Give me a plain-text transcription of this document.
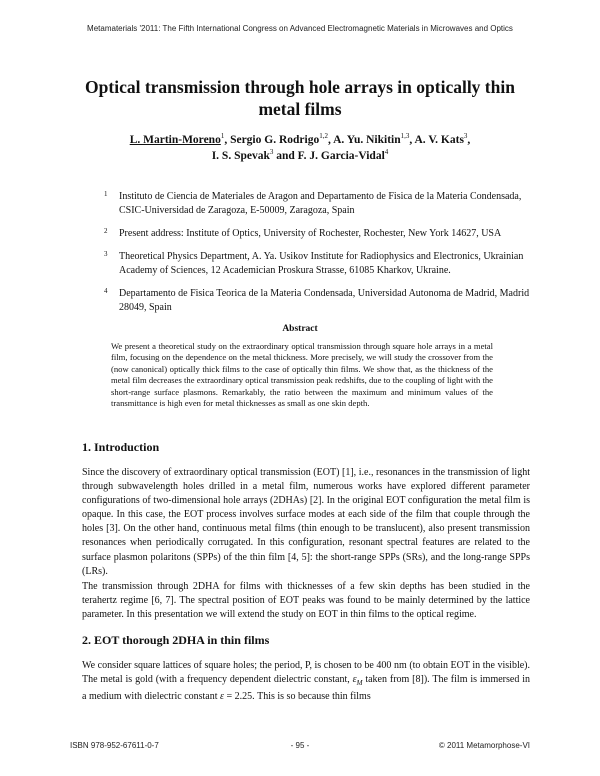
Metamaterials '2011: The Fifth International Congress on Advanced Electromagnetic Materials in Microwaves and Optics
Optical transmission through hole arrays in optically thin
metal films
L. Martin-Moreno$^1$, Sergio G. Rodrigo$^{1,2}$, A. Yu. Nikitin$^{1,3}$, A. V. Kats$^3$,
I. S. Spevak$^3$ and F. J. Garcia-Vidal$^4$
1 Instituto de Ciencia de Materiales de Aragon and Departamento de Fisica de la Materia Condensada, CSIC-Universidad de Zaragoza, E-50009, Zaragoza, Spain
2 Present address: Institute of Optics, University of Rochester, Rochester, New York 14627, USA
3 Theoretical Physics Department, A. Ya. Usikov Institute for Radiophysics and Electronics, Ukrainian Academy of Sciences, 12 Academician Proskura Strasse, 61085 Kharkov, Ukraine.
4 Departamento de Fisica Teorica de la Materia Condensada, Universidad Autonoma de Madrid, Madrid 28049, Spain
Abstract
We present a theoretical study on the extraordinary optical transmission through square hole arrays in a metal film, focusing on the dependence on the metal thickness. More precisely, we will study the crossover from the (now canonical) optically thick films to the case of optically thin films. We show that, as the thickness of the metal film decreases the extraordinary optical transmission peak redshifts, due to the coupling of light with the short-range surface plasmons. Remarkably, the ratio between the maximum and minimum values of the transmittance is high even for metal thicknesses as small as one skin depth.
1. Introduction

Since the discovery of extraordinary optical transmission (EOT) [1], i.e., resonances in the transmission of light through subwavelength holes drilled in a metal film, numerous works have explored different parameter configurations of two-dimensional hole arrays (2DHAs) [2]. In the original EOT configuration the metal film is opaque. In this case, the EOT process involves surface modes at each side of the film that couple through the holes [3]. On the other hand, continuous metal films (thin enough to be translucent), also present transmission resonances when periodically corrugated. In this configuration, resonant spectral features are related to the surface plasmon polaritons (SPPs) of the thin film [4, 5]: the short-range SPPs (SRs), and the long-range SPPs (LRs).

The transmission through 2DHA for films with thicknesses of a few skin depths has been studied in the terahertz regime [6, 7]. The spectral position of EOT peaks was found to be mainly determined by the lattice parameter. In this presentation we will extend the study on EOT in thin films to the optical regime.

2. EOT thorough 2DHA in thin films

We consider square lattices of square holes; the period, P, is chosen to be 400 nm (to obtain EOT in the visible). The metal is gold (with a frequency dependent dielectric constant, $\varepsilon_M$ taken from [8]). The film is immersed in a medium with dielectric constant ε = 2.25. This is so because thin films

ISBN 978-952-67611-0-7	- 95 -	© 2011 Metamorphose-VI
